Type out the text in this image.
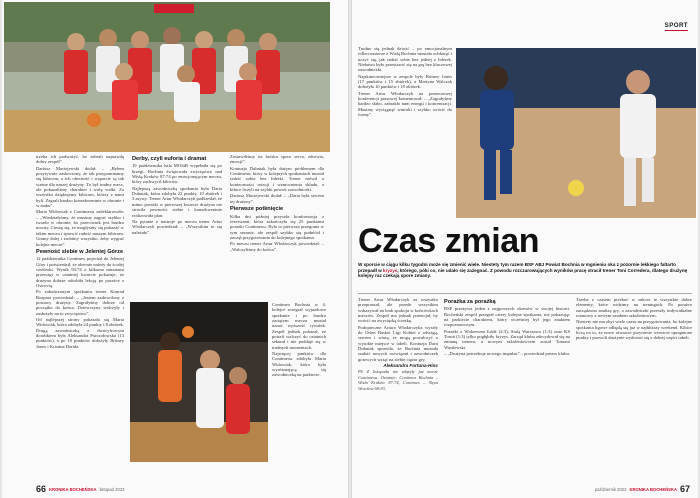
trzeba ich podważyć, bo zebrali naprawdę dobry zespół”.

Dariusz Maciejewski dodał: – „Byłem pozytywnie zaskoczony, że tak przypominamy się kibicom, a ich obecność i wsparcie są tak ważne dla naszej drużyny. To był trudny mecz, ale pokazaliśmy charakter i wolę walki. Za wszystko dziękujemy kibicom, którzy z nami byli. Zagrali bardzo konsekwentnie w obronie i w ataku”.

Marta Widowiak z Contimexu zadeklarowała: – „Wiedziałyśmy, że musimy zagrać szybko i twardo w obronie, bo przeciwnik jest bardzo mocny. Cieszę się, że mogłyśmy się pokazać w takim meczu i sprawić radość naszym kibicom. Gramy dalej i zrobimy wszystko, żeby wygrać kolejne mecze”.

Pewność siebie w Jeleniej Górze

12 października Contimex pojechał do Jeleniej Góry i potwierdził, że obecnie należy do ścisłej czołówki. Wynik 94:74 z kilkoma minutami przewagi w ostatniej kwarcie pokazuje, że drużyna dobrze odrobiła lekcję po porażce z Ostrovią.

Po zakończonym spotkaniu trener Konrad Rozpara powiedział: – „Jestem zadowolony z postawy drużyny. Zagrałyśmy dobrze od początku do końca. Dziewczyny walczyły i zasłużyły na to zwycięstwo”.

Od najlepszej strony pokazała się Marta Widowiak, która zdobyła 24 punkty i 8 zbiórek. Drugą zawodniczką z dwucyfrowym dorobkiem była Aleksandra Pszczołowska (13 punktów), a po 10 punktów dołożyły Britney Jones i Kristina Darida.

Derby, czyli euforia i dramat

19 października hala MOSiR wypełniła się po brzegi. Bochnia świętowała zwycięstwo nad Wisłą Kraków 87:74 po emocjonującym meczu, który zachwycił kibiców.

Najlepszą zawodniczką spotkania była Daria Dubniak, która zdobyła 22 punkty, 10 zbiórek i 3 asysty. Trener Artur Włodarczyk podkreślał, że mimo porażki w pierwszej kwarcie drużyna nie straciła pewności siebie i konsekwentnie realizowała plan.

Na pytanie o nastroje po meczu trener Artur Włodarczyk powiedział: – „Wszystkim to się należało”.

Zostawiliśmy na boisku sporo serca, zdrowia, emocji”.

Kontuzja Dubniak była dużym problemem dla Contimexu, który w kolejnych spotkaniach musiał radzić sobie bez liderki. Trener mówił o konieczności rotacji i wzmocnienia składu, a kibice liczyli na szybki powrót zawodniczki.

Dariusz Maciejewski dodał: – „Daria była sercem tej drużyny”.

Pierwsze potknięcie

Kilka dni później przyszła konfrontacja z rezerwami, która zakończyła się 25 punktami porażki Contimexu. Była to pierwsza przegrana w tym sezonie, ale zespół szybko się podniósł i zaczął przygotowania do kolejnego spotkania.

Po meczu trener Artur Włodarczyk powiedział: – „Walczyliśmy do końca”.

Contimex Bochnia w 4. kolejce rozegrał wyjazdowe spotkanie i po bardzo zaciętym meczu musiał uznać wyższość rywalek. Zespół jednak pokazał, że potrafi walczyć do ostatnich sekund i nie poddaje się w trudnych momentach.

Najwięcej punktów dla Contimexu zdobyła Marta Widowiak, która była wyróżniającą się zawodniczką na parkiecie.

66 KRONIKA BOCHEŃSKA listopad 2023

Trudno się jednak dziwić – po emocjonalnym rollercoasterze z Wisłą Bochnia musiała ochłonąć i uczyć się, jak radzić sobie bez jednej z liderek. Niełatwo było przestawić się na grę bez kluczowej zawodniczki.

Najskuteczniejsze w zespole były Britney Jones (17 punktów i 15 zbiórek), a Martyna Walczak dołożyła 10 punktów i 10 zbiórek.

Trener Artur Włodarczyk na pomeczowej konferencji prasowej komentował: – „Zagrałyśmy bardzo słabo, zabrakło nam energii i koncentracji. Musimy wyciągnąć wnioski i szybko wrócić do formy”.

SPORT
Czas zmian
W sporcie w ciągu kilku tygodni może się zmienić wiele. Niestety tym razem BSF ABJ Powiat Bochnia w mgnieniu oka z pozornie lekkiego faltarto przepadł w kryzys, którego, póki co, nie udało się zażegnać. Z powodu rozczarowujących wyników pracę stracił trener Toni Corredera, dlatego drużynę kolejny raz czekają spore zmiany.

Trener Artur Włodarczyk za wszystko przepraszał, ale przede wszystkim wskazywał na brak spokoju w końcówkach meczów. Zespół ma jednak potencjał, by wrócić na zwycięską ścieżkę.

Podopieczne Artura Włodarczyka wyszły do Orlen Basket Ligi Kobiet z odwagą, sercem i wiarą, że mogą powalczyć o wysokie miejsce w tabeli. Kontuzja Darii Dubniak sprawiła, że Bochnia musiała szukać nowych rozwiązań i zawodniczek gotowych wziąć na siebie ciężar gry.

Aleksandra Fortuna-Hinc

PS Z listopada nie zdążyły już mecze Contimexu. Ostatnie: Contimex Bochnia – Wisła Kraków 87:74, Contimex – Ślęza Wrocław 68:93.

Porażka za porażką

BSF przeżywa jeden z najgorszych okresów w swojej historii. Bocheński zespół przegrał cztery kolejne spotkania, nie pokazując na parkiecie charakteru, który wcześniej był jego znakiem rozpoznawczym.

Porażki z Widzewem Łódź (2:3), Stalą Warszawa (1:3) oraz KS Toruń (1:3) tylko pogłębiły kryzys. Zarząd klubu zdecydował się na zmianę trenera, a nowym szkoleniowcem został Tomasz Wasilewski.

– „Drużyna potrzebuje nowego impulsu” – powiedział prezes klubu.

Trzeba z czasem przekuć w sukces te wszystkie dobre elementy, które widzimy na treningach. Po porażce zarządzono analizę gry, a zawodniczki przeszły indywidualne rozmowy z nowym sztabem szkoleniowym.

Niestety nie ma zbyt wiele czasu na przygotowania, bo kolejne spotkania ligowe odbędą się już w najbliższy weekend. Kibice liczą na to, że nowe otwarcie przyniesie wreszcie upragnione punkty i pozwoli drużynie wydostać się z dolnej części tabeli.

październik 2023 KRONIKA BOCHEŃSKA 67
